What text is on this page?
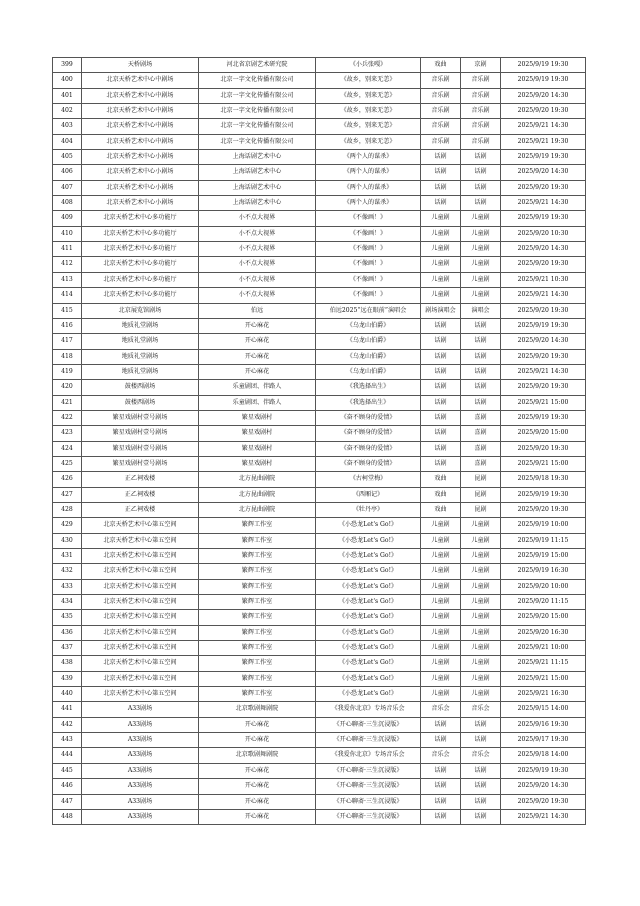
399	天桥剧场	河北省京剧艺术研究院	《小兵张嘎》	戏曲	京剧	2025/9/19 19:30
400	北京天桥艺术中心中剧场	北京一字文化传播有限公司	《故乡，别来无恙》	音乐剧	音乐剧	2025/9/19 19:30
401	北京天桥艺术中心中剧场	北京一字文化传播有限公司	《故乡，别来无恙》	音乐剧	音乐剧	2025/9/20 14:30
402	北京天桥艺术中心中剧场	北京一字文化传播有限公司	《故乡，别来无恙》	音乐剧	音乐剧	2025/9/20 19:30
403	北京天桥艺术中心中剧场	北京一字文化传播有限公司	《故乡，别来无恙》	音乐剧	音乐剧	2025/9/21 14:30
404	北京天桥艺术中心中剧场	北京一字文化传播有限公司	《故乡，别来无恙》	音乐剧	音乐剧	2025/9/21 19:30
405	北京天桥艺术中心小剧场	上海话剧艺术中心	《两个人的谋杀》	话剧	话剧	2025/9/19 19:30
406	北京天桥艺术中心小剧场	上海话剧艺术中心	《两个人的谋杀》	话剧	话剧	2025/9/20 14:30
407	北京天桥艺术中心小剧场	上海话剧艺术中心	《两个人的谋杀》	话剧	话剧	2025/9/20 19:30
408	北京天桥艺术中心小剧场	上海话剧艺术中心	《两个人的谋杀》	话剧	话剧	2025/9/21 14:30
409	北京天桥艺术中心多功能厅	小不点大视界	《不像画！》	儿童剧	儿童剧	2025/9/19 19:30
410	北京天桥艺术中心多功能厅	小不点大视界	《不像画！》	儿童剧	儿童剧	2025/9/20 10:30
411	北京天桥艺术中心多功能厅	小不点大视界	《不像画！》	儿童剧	儿童剧	2025/9/20 14:30
412	北京天桥艺术中心多功能厅	小不点大视界	《不像画！》	儿童剧	儿童剧	2025/9/20 19:30
413	北京天桥艺术中心多功能厅	小不点大视界	《不像画！》	儿童剧	儿童剧	2025/9/21 10:30
414	北京天桥艺术中心多功能厅	小不点大视界	《不像画！》	儿童剧	儿童剧	2025/9/21 14:30
415	北京展览馆剧场	伯远	伯远2025“远在眼前”演唱会	剧场演唱会	演唱会	2025/9/20 19:30
416	地质礼堂剧场	开心麻花	《乌龙山伯爵》	话剧	话剧	2025/9/19 19:30
417	地质礼堂剧场	开心麻花	《乌龙山伯爵》	话剧	话剧	2025/9/20 14:30
418	地质礼堂剧场	开心麻花	《乌龙山伯爵》	话剧	话剧	2025/9/20 19:30
419	地质礼堂剧场	开心麻花	《乌龙山伯爵》	话剧	话剧	2025/9/21 14:30
420	鼓楼西剧场	乐童剧团、伴路人	《我选择出生》	话剧	话剧	2025/9/20 19:30
421	鼓楼西剧场	乐童剧团、伴路人	《我选择出生》	话剧	话剧	2025/9/21 15:00
422	繁星戏剧村壹号剧场	繁星戏剧村	《奋不顾身的爱情》	话剧	喜剧	2025/9/19 19:30
423	繁星戏剧村壹号剧场	繁星戏剧村	《奋不顾身的爱情》	话剧	喜剧	2025/9/20 15:00
424	繁星戏剧村壹号剧场	繁星戏剧村	《奋不顾身的爱情》	话剧	喜剧	2025/9/20 19:30
425	繁星戏剧村壹号剧场	繁星戏剧村	《奋不顾身的爱情》	话剧	喜剧	2025/9/21 15:00
426	正乙祠戏楼	北方昆曲剧院	《古柯堂梅》	戏曲	昆剧	2025/9/18 19:30
427	正乙祠戏楼	北方昆曲剧院	《西厢记》	戏曲	昆剧	2025/9/19 19:30
428	正乙祠戏楼	北方昆曲剧院	《牡丹亭》	戏曲	昆剧	2025/9/20 19:30
429	北京天桥艺术中心第五空间	繁辉工作室	《小恐龙Let's Go!》	儿童剧	儿童剧	2025/9/19 10:00
430	北京天桥艺术中心第五空间	繁辉工作室	《小恐龙Let's Go!》	儿童剧	儿童剧	2025/9/19 11:15
431	北京天桥艺术中心第五空间	繁辉工作室	《小恐龙Let's Go!》	儿童剧	儿童剧	2025/9/19 15:00
432	北京天桥艺术中心第五空间	繁辉工作室	《小恐龙Let's Go!》	儿童剧	儿童剧	2025/9/19 16:30
433	北京天桥艺术中心第五空间	繁辉工作室	《小恐龙Let's Go!》	儿童剧	儿童剧	2025/9/20 10:00
434	北京天桥艺术中心第五空间	繁辉工作室	《小恐龙Let's Go!》	儿童剧	儿童剧	2025/9/20 11:15
435	北京天桥艺术中心第五空间	繁辉工作室	《小恐龙Let's Go!》	儿童剧	儿童剧	2025/9/20 15:00
436	北京天桥艺术中心第五空间	繁辉工作室	《小恐龙Let's Go!》	儿童剧	儿童剧	2025/9/20 16:30
437	北京天桥艺术中心第五空间	繁辉工作室	《小恐龙Let's Go!》	儿童剧	儿童剧	2025/9/21 10:00
438	北京天桥艺术中心第五空间	繁辉工作室	《小恐龙Let's Go!》	儿童剧	儿童剧	2025/9/21 11:15
439	北京天桥艺术中心第五空间	繁辉工作室	《小恐龙Let's Go!》	儿童剧	儿童剧	2025/9/21 15:00
440	北京天桥艺术中心第五空间	繁辉工作室	《小恐龙Let's Go!》	儿童剧	儿童剧	2025/9/21 16:30
441	A33剧场	北京歌剧舞剧院	《我爱你北京》专场音乐会	音乐会	音乐会	2025/9/15 14:00
442	A33剧场	开心麻花	《开心聊斋·三生沉浸版》	话剧	话剧	2025/9/16 19:30
443	A33剧场	开心麻花	《开心聊斋·三生沉浸版》	话剧	话剧	2025/9/17 19:30
444	A33剧场	北京歌剧舞剧院	《我爱你北京》专场音乐会	音乐会	音乐会	2025/9/18 14:00
445	A33剧场	开心麻花	《开心聊斋·三生沉浸版》	话剧	话剧	2025/9/19 19:30
446	A33剧场	开心麻花	《开心聊斋·三生沉浸版》	话剧	话剧	2025/9/20 14:30
447	A33剧场	开心麻花	《开心聊斋·三生沉浸版》	话剧	话剧	2025/9/20 19:30
448	A33剧场	开心麻花	《开心聊斋·三生沉浸版》	话剧	话剧	2025/9/21 14:30
